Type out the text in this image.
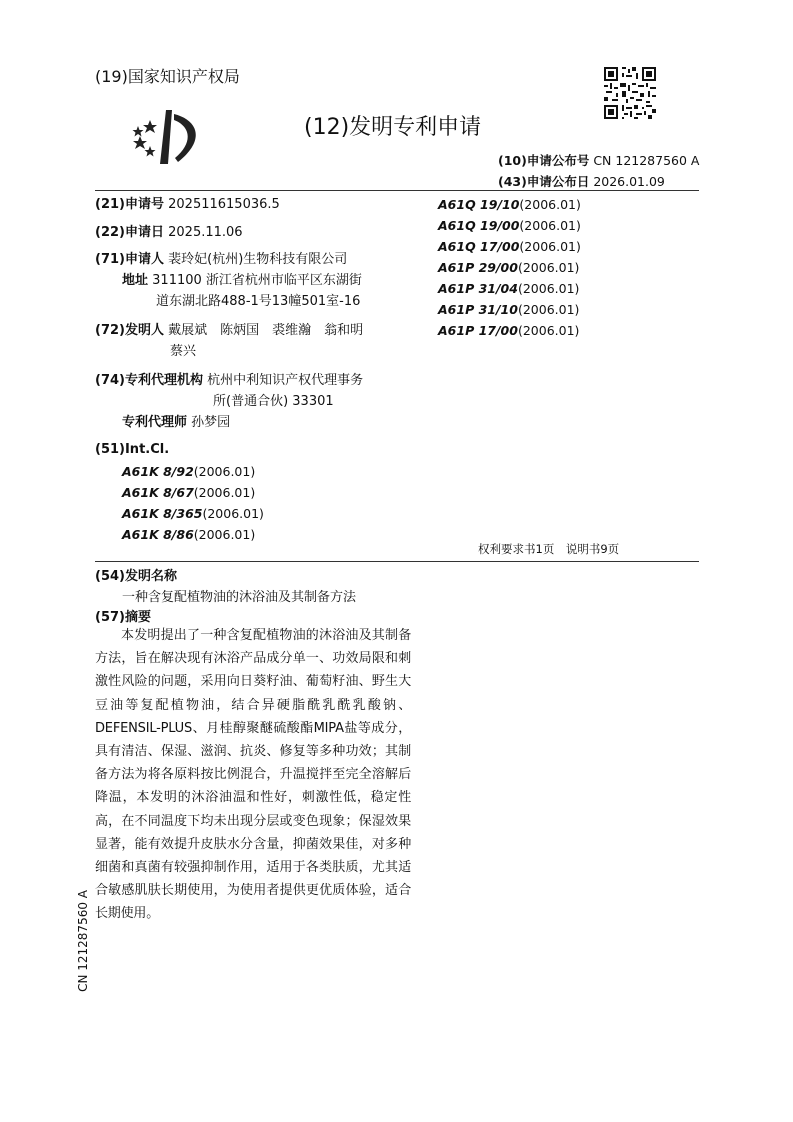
(19)国家知识产权局
(12)发明专利申请
(10)申请公布号 CN 121287560 A
(43)申请公布日 2026.01.09
(21)申请号 202511615036.5
(22)申请日 2025.11.06
(71)申请人 裴玲妃(杭州)生物科技有限公司
地址 311100 浙江省杭州市临平区东湖街
道东湖北路488-1号13幢501室-16
(72)发明人 戴展斌　陈炳国　裘维瀚　翁和明
蔡兴
(74)专利代理机构 杭州中利知识产权代理事务
所(普通合伙) 33301
专利代理师 孙梦园
(51)Int.Cl.
A61K 8/92(2006.01)
A61K 8/67(2006.01)
A61K 8/365(2006.01)
A61K 8/86(2006.01)
A61Q 19/10(2006.01)
A61Q 19/00(2006.01)
A61Q 17/00(2006.01)
A61P 29/00(2006.01)
A61P 31/04(2006.01)
A61P 31/10(2006.01)
A61P 17/00(2006.01)
权利要求书1页　说明书9页
(54)发明名称
一种含复配植物油的沐浴油及其制备方法
(57)摘要
本发明提出了一种含复配植物油的沐浴油及其制备方法，旨在解决现有沐浴产品成分单一、功效局限和刺激性风险的问题，采用向日葵籽油、葡萄籽油、野生大豆油等复配植物油，结合异硬脂酰乳酰乳酸钠、DEFENSIL-PLUS、月桂醇聚醚硫酸酯MIPA盐等成分，具有清洁、保湿、滋润、抗炎、修复等多种功效；其制备方法为将各原料按比例混合，升温搅拌至完全溶解后降温，本发明的沐浴油温和性好，刺激性低，稳定性高，在不同温度下均未出现分层或变色现象；保湿效果显著，能有效提升皮肤水分含量，抑菌效果佳，对多种细菌和真菌有较强抑制作用，适用于各类肤质，尤其适合敏感肌肤长期使用，为使用者提供更优质体验，适合长期使用。
CN 121287560 A
